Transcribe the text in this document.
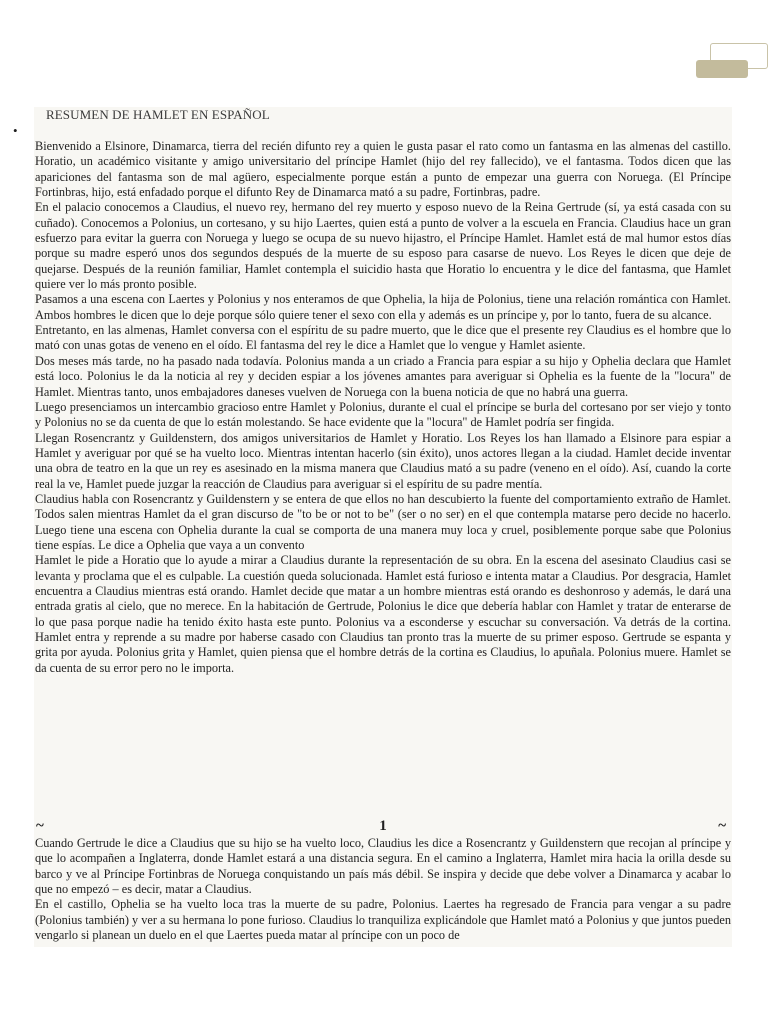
RESUMEN DE HAMLET EN ESPAÑOL
•

Bienvenido a Elsinore, Dinamarca, tierra del recién difunto rey a quien le gusta pasar el rato como un fantasma en las almenas del castillo. Horatio, un académico visitante y amigo universitario del príncipe Hamlet (hijo del rey fallecido), ve el fantasma. Todos dicen que las apariciones del fantasma son de mal agüero, especialmente porque están a punto de empezar una guerra con Noruega. (El Príncipe Fortinbras, hijo, está enfadado porque el difunto Rey de Dinamarca mató a su padre, Fortinbras, padre.

En el palacio conocemos a Claudius, el nuevo rey, hermano del rey muerto y esposo nuevo de la Reina Gertrude (sí, ya está casada con su cuñado). Conocemos a Polonius, un cortesano, y su hijo Laertes, quien está a punto de volver a la escuela en Francia. Claudius hace un gran esfuerzo para evitar la guerra con Noruega y luego se ocupa de su nuevo hijastro, el Príncipe Hamlet. Hamlet está de mal humor estos días porque su madre esperó unos dos segundos después de la muerte de su esposo para casarse de nuevo. Los Reyes le dicen que deje de quejarse. Después de la reunión familiar, Hamlet contempla el suicidio hasta que Horatio lo encuentra y le dice del fantasma, que Hamlet quiere ver lo más pronto posible.

Pasamos a una escena con Laertes y Polonius y nos enteramos de que Ophelia, la hija de Polonius, tiene una relación romántica con Hamlet. Ambos hombres le dicen que lo deje porque sólo quiere tener el sexo con ella y además es un príncipe y, por lo tanto, fuera de su alcance.

Entretanto, en las almenas, Hamlet conversa con el espíritu de su padre muerto, que le dice que el presente rey Claudius es el hombre que lo mató con unas gotas de veneno en el oído. El fantasma del rey le dice a Hamlet que lo vengue y Hamlet asiente.

Dos meses más tarde, no ha pasado nada todavía. Polonius manda a un criado a Francia para espiar a su hijo y Ophelia declara que Hamlet está loco. Polonius le da la noticia al rey y deciden espiar a los jóvenes amantes para averiguar si Ophelia es la fuente de la "locura" de Hamlet. Mientras tanto, unos embajadores daneses vuelven de Noruega con la buena noticia de que no habrá una guerra.

Luego presenciamos un intercambio gracioso entre Hamlet y Polonius, durante el cual el príncipe se burla del cortesano por ser viejo y tonto y Polonius no se da cuenta de que lo están molestando. Se hace evidente que la "locura" de Hamlet podría ser fingida.

Llegan Rosencrantz y Guildenstern, dos amigos universitarios de Hamlet y Horatio. Los Reyes los han llamado a Elsinore para espiar a Hamlet y averiguar por qué se ha vuelto loco. Mientras intentan hacerlo (sin éxito), unos actores llegan a la ciudad. Hamlet decide inventar una obra de teatro en la que un rey es asesinado en la misma manera que Claudius mató a su padre (veneno en el oído). Así, cuando la corte real la ve, Hamlet puede juzgar la reacción de Claudius para averiguar si el espíritu de su padre mentía.

Claudius habla con Rosencrantz y Guildenstern y se entera de que ellos no han descubierto la fuente del comportamiento extraño de Hamlet. Todos salen mientras Hamlet da el gran discurso de "to be or not to be" (ser o no ser) en el que contempla matarse pero decide no hacerlo. Luego tiene una escena con Ophelia durante la cual se comporta de una manera muy loca y cruel, posiblemente porque sabe que Polonius tiene espías. Le dice a Ophelia que vaya a un convento

Hamlet le pide a Horatio que lo ayude a mirar a Claudius durante la representación de su obra. En la escena del asesinato Claudius casi se levanta y proclama que el es culpable. La cuestión queda solucionada. Hamlet está furioso e intenta matar a Claudius. Por desgracia, Hamlet encuentra a Claudius mientras está orando. Hamlet decide que matar a un hombre mientras está orando es deshonroso y además, le dará una entrada gratis al cielo, que no merece. En la habitación de Gertrude, Polonius le dice que debería hablar con Hamlet y tratar de enterarse de lo que pasa porque nadie ha tenido éxito hasta este punto. Polonius va a esconderse y escuchar su conversación. Va detrás de la cortina. Hamlet entra y reprende a su madre por haberse casado con Claudius tan pronto tras la muerte de su primer esposo. Gertrude se espanta y grita por ayuda. Polonius grita y Hamlet, quien piensa que el hombre detrás de la cortina es Claudius, lo apuñala. Polonius muere. Hamlet se da cuenta de su error pero no le importa.

~	1	~

Cuando Gertrude le dice a Claudius que su hijo se ha vuelto loco, Claudius les dice a Rosencrantz y Guildenstern que recojan al príncipe y que lo acompañen a Inglaterra, donde Hamlet estará a una distancia segura. En el camino a Inglaterra, Hamlet mira hacia la orilla desde su barco y ve al Príncipe Fortinbras de Noruega conquistando un país más débil. Se inspira y decide que debe volver a Dinamarca y acabar lo que no empezó – es decir, matar a Claudius.

En el castillo, Ophelia se ha vuelto loca tras la muerte de su padre, Polonius. Laertes ha regresado de Francia para vengar a su padre (Polonius también) y ver a su hermana lo pone furioso. Claudius lo tranquiliza explicándole que Hamlet mató a Polonius y que juntos pueden vengarlo si planean un duelo en el que Laertes pueda matar al príncipe con un poco de
